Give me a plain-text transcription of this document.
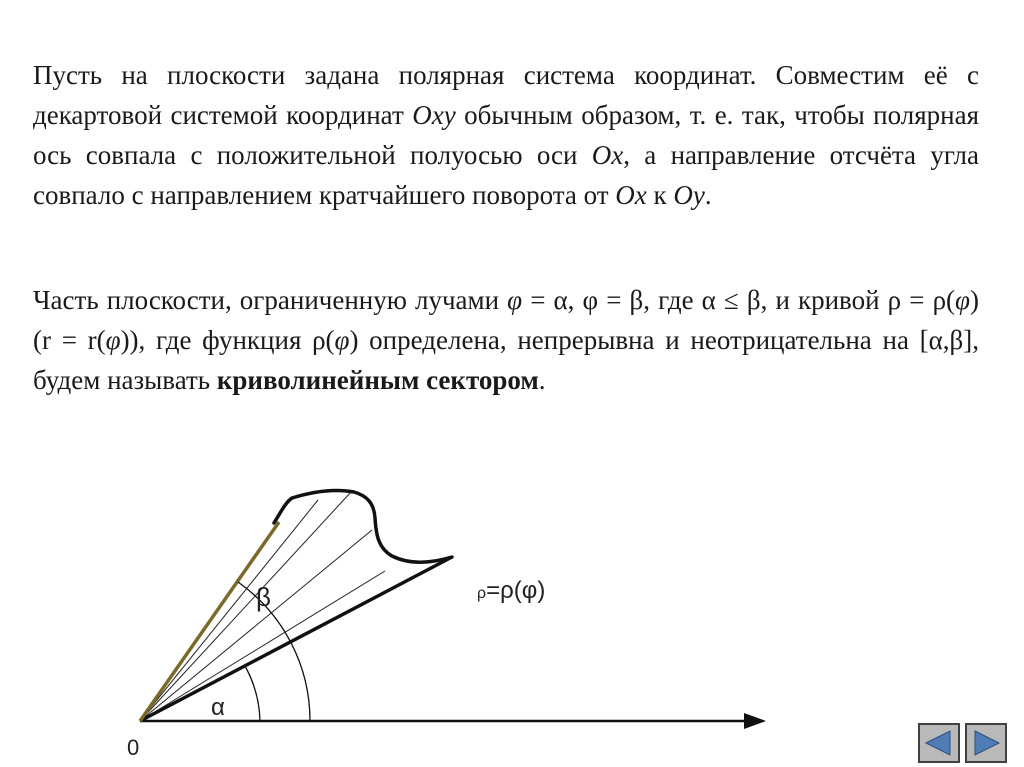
Пусть на плоскости задана полярная система координат. Совместим её с декартовой системой координат Oxy обычным образом, т. е. так, чтобы полярная ось совпала с положительной полуосью оси Ox, а направление отсчёта угла совпало с направлением кратчайшего поворота от Ox к Oy.

Часть плоскости, ограниченную лучами φ = α, φ = β, где α ≤ β, и кривой ρ = ρ(φ) (r = r(φ)), где функция ρ(φ) определена, непрерывна и неотрицательна на [α,β], будем называть криволинейным сектором.

α
β
0
ρ=ρ(φ)
